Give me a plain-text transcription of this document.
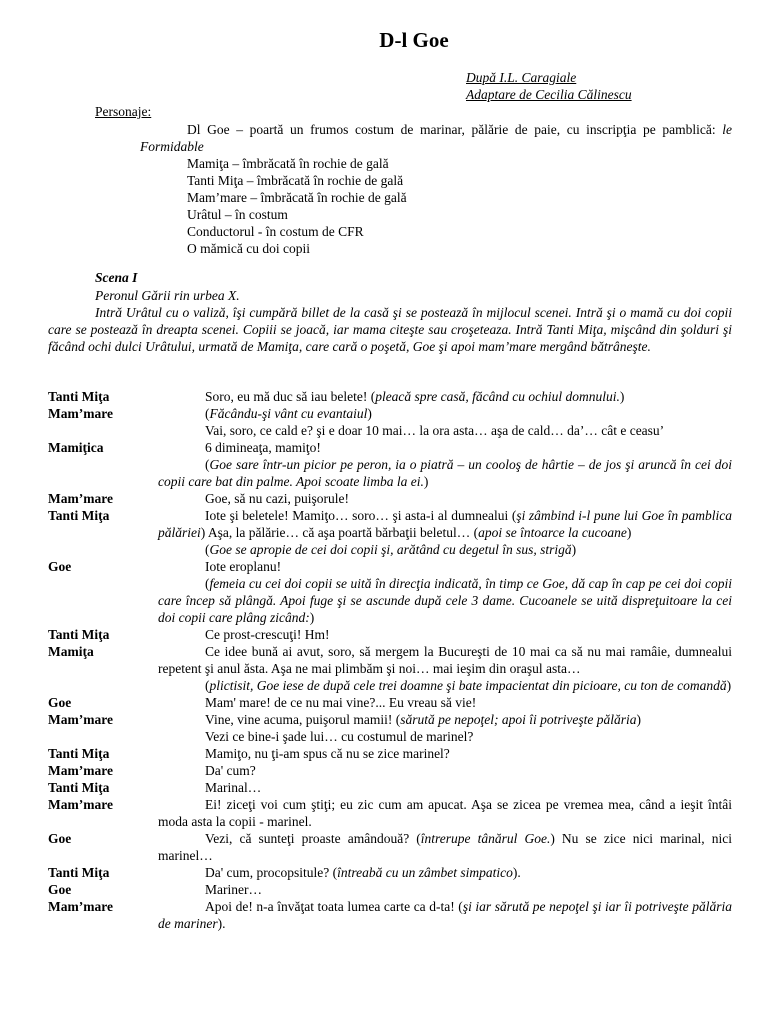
D-l Goe
După I.L. Caragiale
Adaptare de Cecilia Călinescu
Personaje:
Dl Goe – poartă un frumos costum de marinar, pălărie de paie, cu inscripţia pe pamblică: le Formidable
Mamiţa – îmbrăcată în rochie de gală
Tanti Miţa – îmbrăcată în rochie de gală
Mam’mare – îmbrăcată în rochie de gală
Urâtul – în costum
Conductorul - în costum de CFR
O mămică cu doi copii
Scena I
Peronul Gării rin urbea X.
Intră Urâtul cu o valiză, îşi cumpără billet de la casă şi se postează în mijlocul scenei. Intră şi o mamă cu doi copii care se postează în dreapta scenei. Copiii se joacă, iar mama citeşte sau croşeteaza. Intră Tanti Miţa, mişcând din şolduri şi făcând ochi dulci Urâtului, urmată de Mamiţa, care cară o poşetă, Goe şi apoi mam’mare mergând bătrâneşte.
Tanti Miţa	Soro, eu mă duc să iau belete! (pleacă spre casă, făcând cu ochiul domnului.)
Mam’mare	(Făcându-şi vânt cu evantaiul)
Vai, soro, ce cald e? şi e doar 10 mai… la ora asta… aşa de cald… da’… cât e ceasu’
Mamiţica	6 dimineaţa, mamiţo!
(Goe sare într-un picior pe peron, ia o piatră – un cooloş de hârtie – de jos şi aruncă în cei doi copii care bat din palme. Apoi scoate limba la ei.)
Mam’mare	Goe, să nu cazi, puişorule!
Tanti Miţa	Iote şi beletele! Mamiţo… soro… şi asta-i al dumnealui (şi zâmbind i-l pune lui Goe în pamblica pălăriei) Aşa, la pălărie… că aşa poartă bărbaţii beletul… (apoi se întoarce la cucoane)
(Goe se apropie de cei doi copii şi, arătând cu degetul în sus, strigă)
Goe	Iote eroplanu!
(femeia cu cei doi copii se uită în direcţia indicată, în timp ce Goe, dă cap în cap pe cei doi copii care încep să plângă. Apoi fuge şi se ascunde după cele 3 dame. Cucoanele se uită dispreţuitoare la cei doi copii care plâng zicând:)
Tanti Miţa	Ce prost-crescuţi! Hm!
Mamiţa	Ce idee bună ai avut, soro, să mergem la Bucureşti de 10 mai ca să nu mai ramâie, dumnealui repetent şi anul ăsta. Aşa ne mai plimbăm şi noi… mai ieşim din oraşul asta…
(plictisit, Goe iese de după cele trei doamne şi bate impacientat din picioare, cu ton de comandă)
Goe	Mam' mare! de ce nu mai vine?... Eu vreau să vie!
Mam’mare	Vine, vine acuma, puişorul mamii! (sărută pe nepoţel; apoi îi potriveşte pălăria)
Vezi ce bine-i şade lui… cu costumul de marinel?
Tanti Miţa	Mamiţo, nu ţi-am spus că nu se zice marinel?
Mam’mare	Da' cum?
Tanti Miţa	Marinal…
Mam’mare	Ei! ziceţi voi cum ştiţi; eu zic cum am apucat. Aşa se zicea pe vremea mea, când a ieşit întâi moda asta la copii - marinel.
Goe	Vezi, că sunteţi proaste amândouă? (întrerupe tânărul Goe.) Nu se zice nici marinal, nici marinel…
Tanti Miţa	Da' cum, procopsitule? (întreabă cu un zâmbet simpatico).
Goe	Mariner…
Mam’mare	Apoi de! n-a învăţat toata lumea carte ca d-ta! (şi iar sărută pe nepoţel şi iar îi potriveşte pălăria de mariner).
